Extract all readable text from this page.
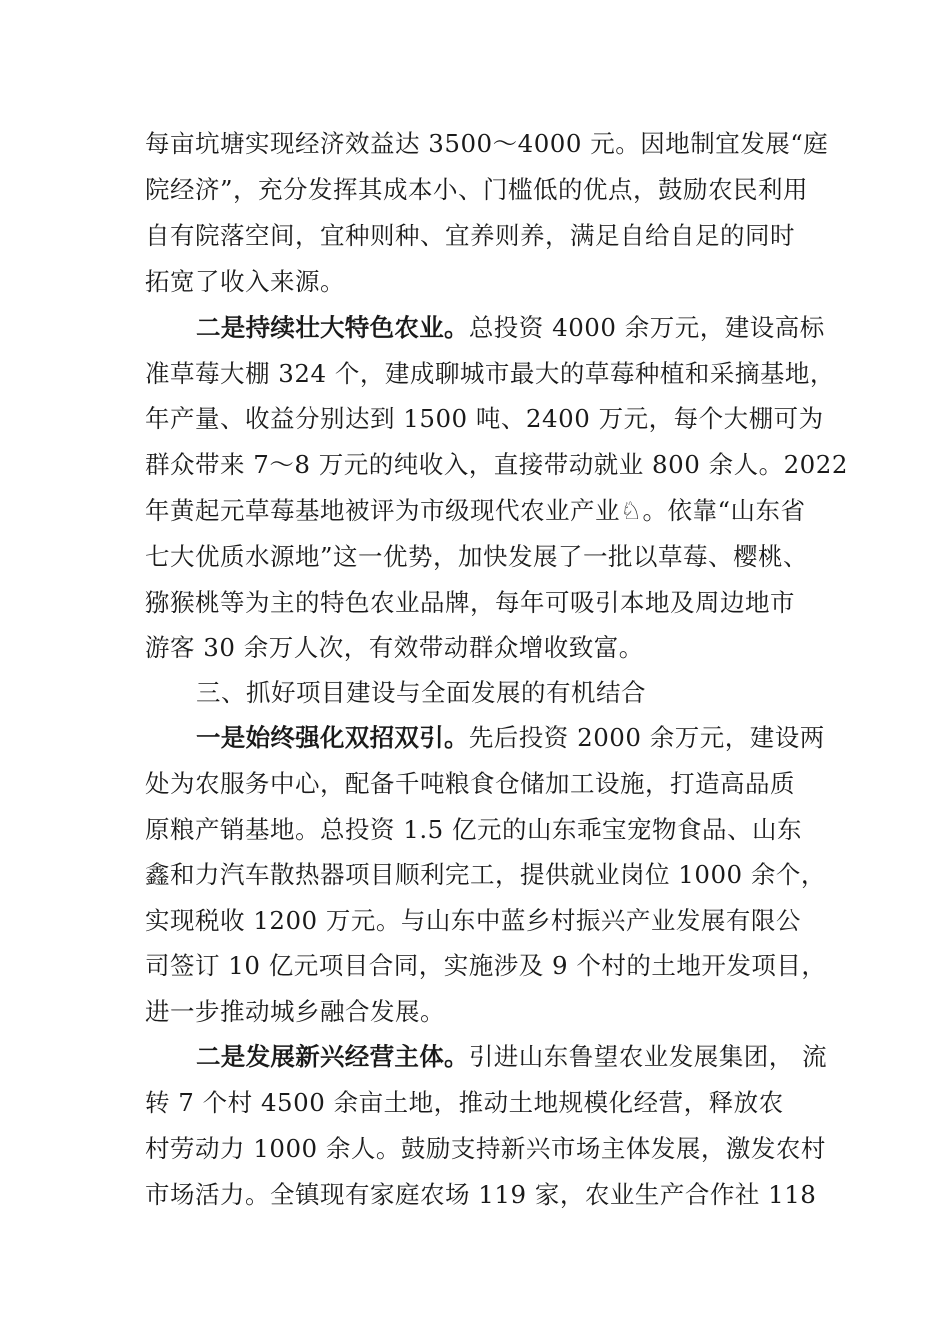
每亩坑塘实现经济效益达 3500～4000 元。因地制宜发展“庭
院经济”，充分发挥其成本小、门槛低的优点，鼓励农民利用
自有院落空间，宜种则种、宜养则养，满足自给自足的同时
拓宽了收入来源。
二是持续壮大特色农业。总投资 4000 余万元，建设高标
准草莓大棚 324 个，建成聊城市最大的草莓种植和采摘基地，
年产量、收益分别达到 1500 吨、2400 万元，每个大棚可为
群众带来 7～8 万元的纯收入，直接带动就业 800 余人。2022
年黄起元草莓基地被评为市级现代农业产业♘。依靠“山东省
七大优质水源地”这一优势，加快发展了一批以草莓、樱桃、
猕猴桃等为主的特色农业品牌，每年可吸引本地及周边地市
游客 30 余万人次，有效带动群众增收致富。
三、抓好项目建设与全面发展的有机结合
一是始终强化双招双引。先后投资 2000 余万元，建设两
处为农服务中心，配备千吨粮食仓储加工设施，打造高品质
原粮产销基地。总投资 1.5 亿元的山东乖宝宠物食品、山东
鑫和力汽车散热器项目顺利完工，提供就业岗位 1000 余个，
实现税收 1200 万元。与山东中蓝乡村振兴产业发展有限公
司签订 10 亿元项目合同，实施涉及 9 个村的土地开发项目，
进一步推动城乡融合发展。
二是发展新兴经营主体。引进山东鲁望农业发展集团， 流
转 7 个村 4500 余亩土地，推动土地规模化经营，释放农
村劳动力 1000 余人。鼓励支持新兴市场主体发展，激发农村
市场活力。全镇现有家庭农场 119 家，农业生产合作社 118
